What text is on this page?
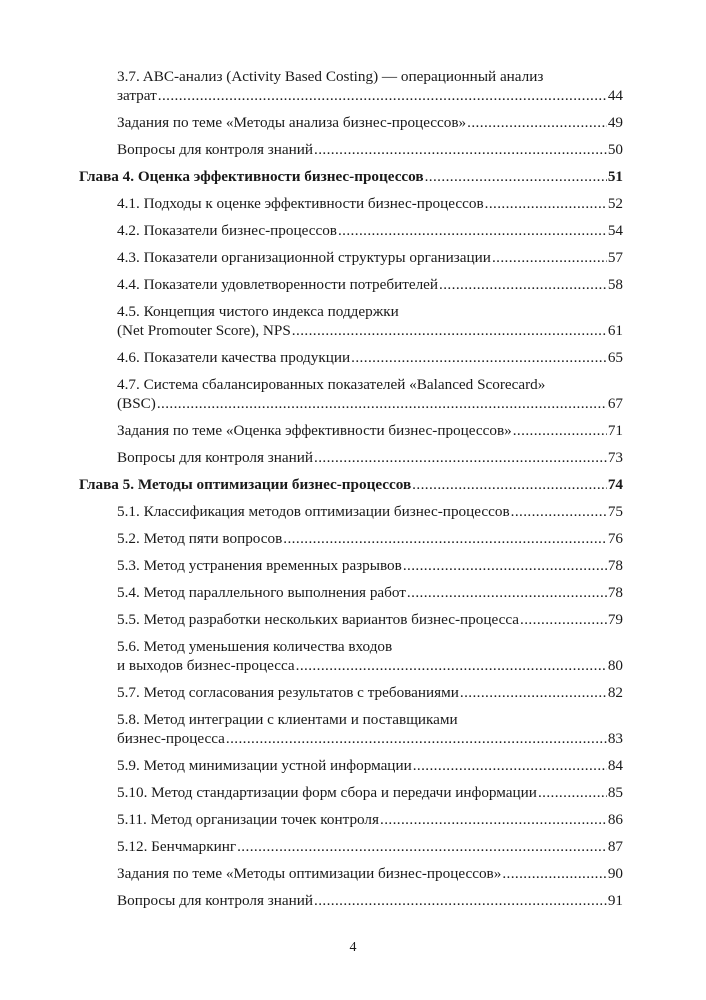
3.7. ABC-анализ (Activity Based Costing) — операционный анализ
затрат .....	44
Задания по теме «Методы анализа бизнес-процессов» .....	49
Вопросы для контроля знаний .....	50
Глава 4. Оценка эффективности бизнес-процессов .....	51
4.1. Подходы к оценке эффективности бизнес-процессов .....	52
4.2. Показатели бизнес-процессов .....	54
4.3. Показатели организационной структуры организации .....	57
4.4. Показатели удовлетворенности потребителей .....	58
4.5. Концепция чистого индекса поддержки
(Net Promouter Score), NPS .....	61
4.6. Показатели качества продукции .....	65
4.7. Система сбалансированных показателей «Balanced Scorecard»
(BSC) .....	67
Задания по теме «Оценка эффективности бизнес-процессов» .....	71
Вопросы для контроля знаний .....	73
Глава 5. Методы оптимизации бизнес-процессов .....	74
5.1. Классификация методов оптимизации бизнес-процессов .....	75
5.2. Метод пяти вопросов .....	76
5.3. Метод устранения временных разрывов .....	78
5.4. Метод параллельного выполнения работ .....	78
5.5. Метод разработки нескольких вариантов бизнес-процесса .....	79
5.6. Метод уменьшения количества входов
и выходов бизнес-процесса .....	80
5.7. Метод согласования результатов с требованиями .....	82
5.8. Метод интеграции с клиентами и поставщиками
бизнес-процесса .....	83
5.9. Метод минимизации устной информации .....	84
5.10. Метод стандартизации форм сбора и передачи информации .....	85
5.11. Метод организации точек контроля .....	86
5.12. Бенчмаркинг .....	87
Задания по теме «Методы оптимизации бизнес-процессов» .....	90
Вопросы для контроля знаний .....	91
4
